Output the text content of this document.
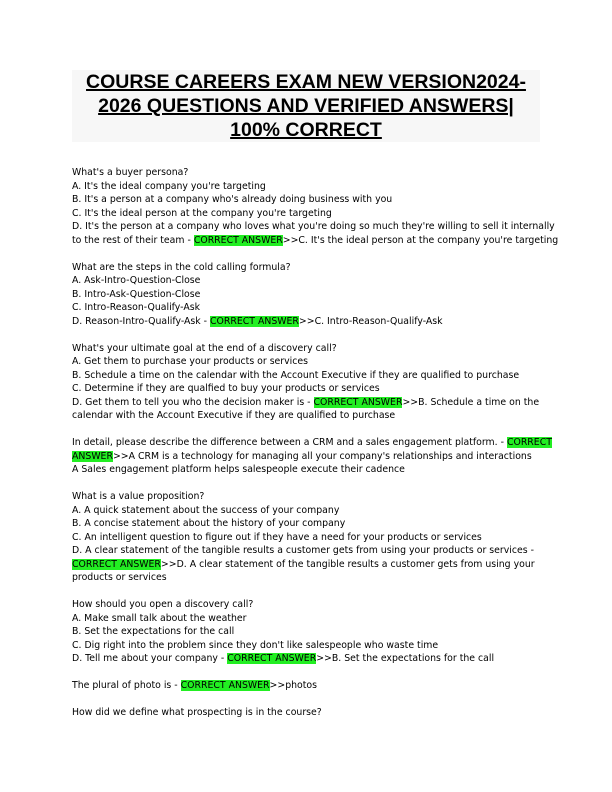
COURSE CAREERS EXAM NEW VERSION2024-
2026 QUESTIONS AND VERIFIED ANSWERS|
100% CORRECT

What's a buyer persona?

A. It's the ideal company you're targeting

B. It's a person at a company who's already doing business with you

C. It's the ideal person at the company you're targeting

D. It's the person at a company who loves what you're doing so much they're willing to sell it internally

to the rest of their team - CORRECT ANSWER>>C. It's the ideal person at the company you're targeting

What are the steps in the cold calling formula?

A. Ask-Intro-Question-Close

B. Intro-Ask-Question-Close

C. Intro-Reason-Qualify-Ask

D. Reason-Intro-Qualify-Ask - CORRECT ANSWER>>C. Intro-Reason-Qualify-Ask

What's your ultimate goal at the end of a discovery call?

A. Get them to purchase your products or services

B. Schedule a time on the calendar with the Account Executive if they are qualified to purchase

C. Determine if they are qualfied to buy your products or services

D. Get them to tell you who the decision maker is - CORRECT ANSWER>>B. Schedule a time on the

calendar with the Account Executive if they are qualified to purchase

In detail, please describe the difference between a CRM and a sales engagement platform. - CORRECT

ANSWER>>A CRM is a technology for managing all your company's relationships and interactions

A Sales engagement platform helps salespeople execute their cadence

What is a value proposition?

A. A quick statement about the success of your company

B. A concise statement about the history of your company

C. An intelligent question to figure out if they have a need for your products or services

D. A clear statement of the tangible results a customer gets from using your products or services -

CORRECT ANSWER>>D. A clear statement of the tangible results a customer gets from using your

products or services

How should you open a discovery call?

A. Make small talk about the weather

B. Set the expectations for the call

C. Dig right into the problem since they don't like salespeople who waste time

D. Tell me about your company - CORRECT ANSWER>>B. Set the expectations for the call

The plural of photo is - CORRECT ANSWER>>photos

How did we define what prospecting is in the course?
